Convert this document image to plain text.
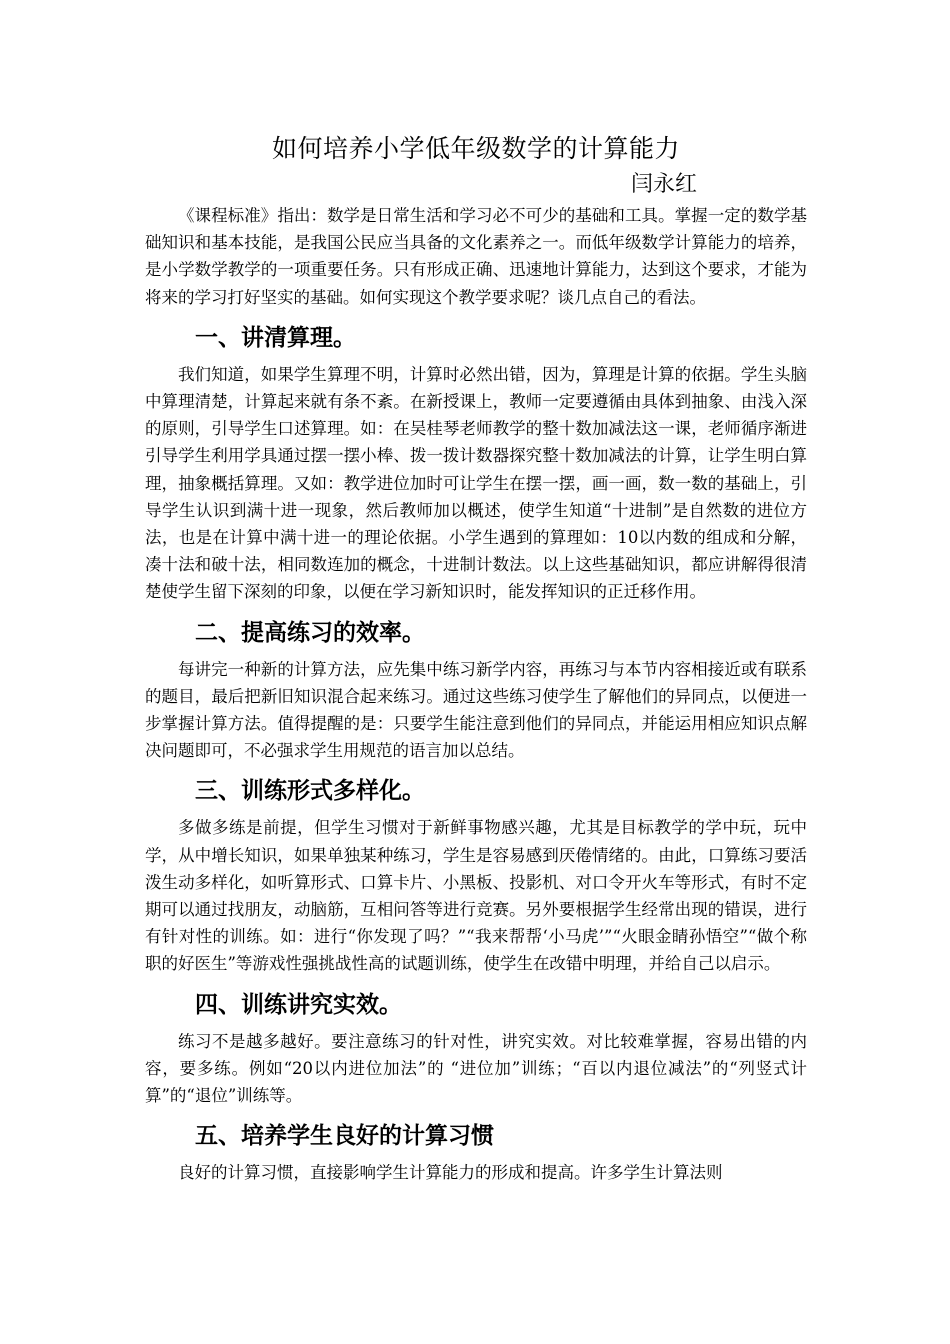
如何培养小学低年级数学的计算能力

闫永红

《课程标准》指出：数学是日常生活和学习必不可少的基础和工具。掌握一定的数学基础知识和基本技能，是我国公民应当具备的文化素养之一。而低年级数学计算能力的培养，是小学数学教学的一项重要任务。只有形成正确、迅速地计算能力，达到这个要求，才能为将来的学习打好坚实的基础。如何实现这个教学要求呢？谈几点自己的看法。

一、讲清算理。

我们知道，如果学生算理不明，计算时必然出错，因为，算理是计算的依据。学生头脑中算理清楚，计算起来就有条不紊。在新授课上，教师一定要遵循由具体到抽象、由浅入深的原则，引导学生口述算理。如：在吴桂琴老师教学的整十数加减法这一课，老师循序渐进引导学生利用学具通过摆一摆小棒、拨一拨计数器探究整十数加减法的计算，让学生明白算理，抽象概括算理。又如：教学进位加时可让学生在摆一摆，画一画，数一数的基础上，引导学生认识到满十进一现象，然后教师加以概述，使学生知道“十进制”是自然数的进位方法，也是在计算中满十进一的理论依据。小学生遇到的算理如：10以内数的组成和分解，凑十法和破十法，相同数连加的概念，十进制计数法。以上这些基础知识，都应讲解得很清楚使学生留下深刻的印象，以便在学习新知识时，能发挥知识的正迁移作用。

二、提高练习的效率。

每讲完一种新的计算方法，应先集中练习新学内容，再练习与本节内容相接近或有联系的题目，最后把新旧知识混合起来练习。通过这些练习使学生了解他们的异同点，以便进一步掌握计算方法。值得提醒的是：只要学生能注意到他们的异同点，并能运用相应知识点解决问题即可，不必强求学生用规范的语言加以总结。

三、训练形式多样化。

多做多练是前提，但学生习惯对于新鲜事物感兴趣，尤其是目标教学的学中玩，玩中学，从中增长知识，如果单独某种练习，学生是容易感到厌倦情绪的。由此，口算练习要活泼生动多样化，如听算形式、口算卡片、小黑板、投影机、对口令开火车等形式，有时不定期可以通过找朋友，动脑筋，互相问答等进行竞赛。另外要根据学生经常出现的错误，进行有针对性的训练。如：进行“你发现了吗？”“我来帮帮‘小马虎’”“火眼金睛孙悟空”“做个称职的好医生”等游戏性强挑战性高的试题训练，使学生在改错中明理，并给自己以启示。

四、训练讲究实效。

练习不是越多越好。要注意练习的针对性，讲究实效。对比较难掌握，容易出错的内容，要多练。例如“20以内进位加法”的 “进位加”训练；“百以内退位减法”的“列竖式计算”的“退位”训练等。

五、培养学生良好的计算习惯

良好的计算习惯，直接影响学生计算能力的形成和提高。许多学生计算法则
